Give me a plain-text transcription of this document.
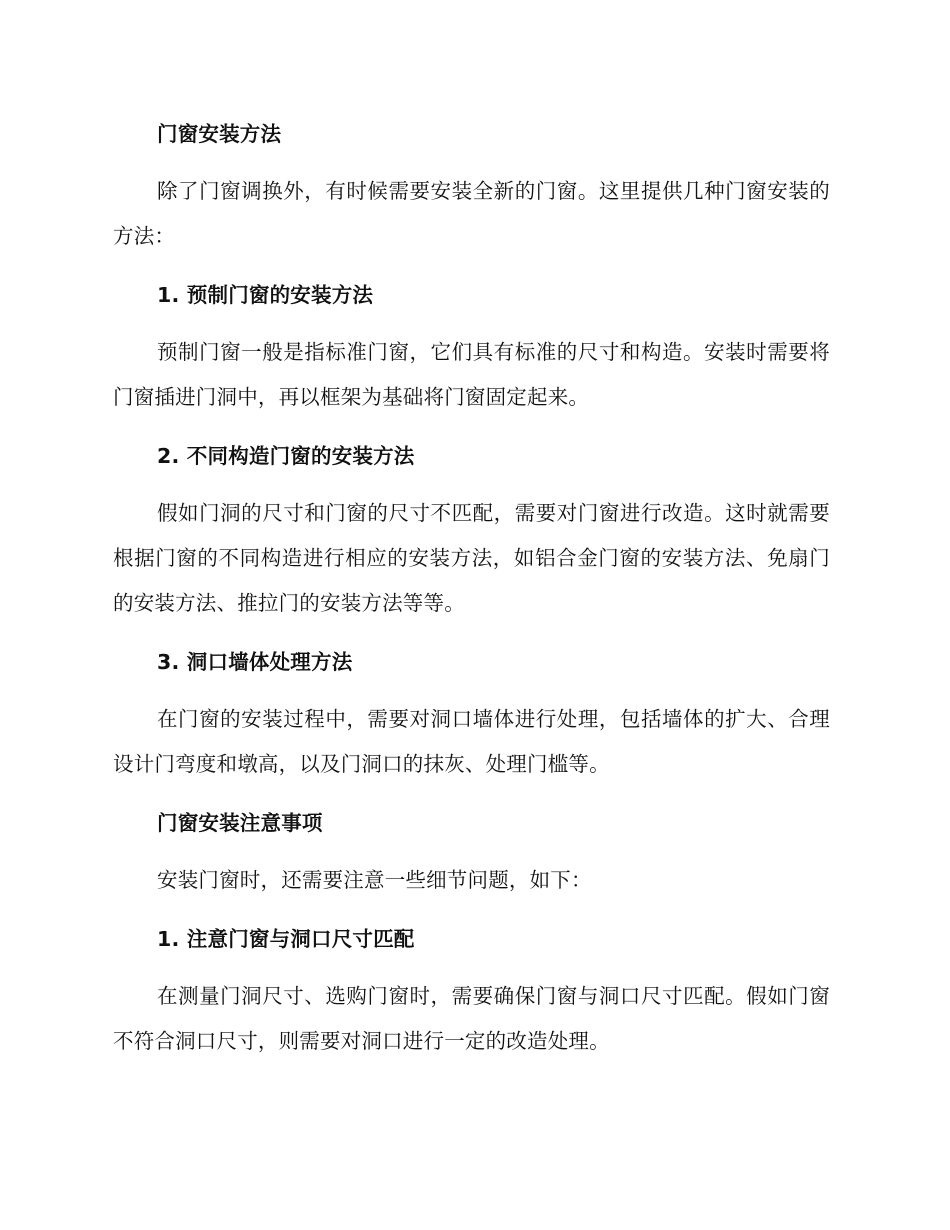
门窗安装方法

除了门窗调换外，有时候需要安装全新的门窗。这里提供几种门窗安装的方法：

1. 预制门窗的安装方法

预制门窗一般是指标准门窗，它们具有标准的尺寸和构造。安装时需要将门窗插进门洞中，再以框架为基础将门窗固定起来。

2. 不同构造门窗的安装方法

假如门洞的尺寸和门窗的尺寸不匹配，需要对门窗进行改造。这时就需要根据门窗的不同构造进行相应的安装方法，如铝合金门窗的安装方法、免扇门的安装方法、推拉门的安装方法等等。

3. 洞口墙体处理方法

在门窗的安装过程中，需要对洞口墙体进行处理，包括墙体的扩大、合理设计门弯度和墩高，以及门洞口的抹灰、处理门槛等。

门窗安装注意事项

安装门窗时，还需要注意一些细节问题，如下：

1. 注意门窗与洞口尺寸匹配

在测量门洞尺寸、选购门窗时，需要确保门窗与洞口尺寸匹配。假如门窗不符合洞口尺寸，则需要对洞口进行一定的改造处理。
